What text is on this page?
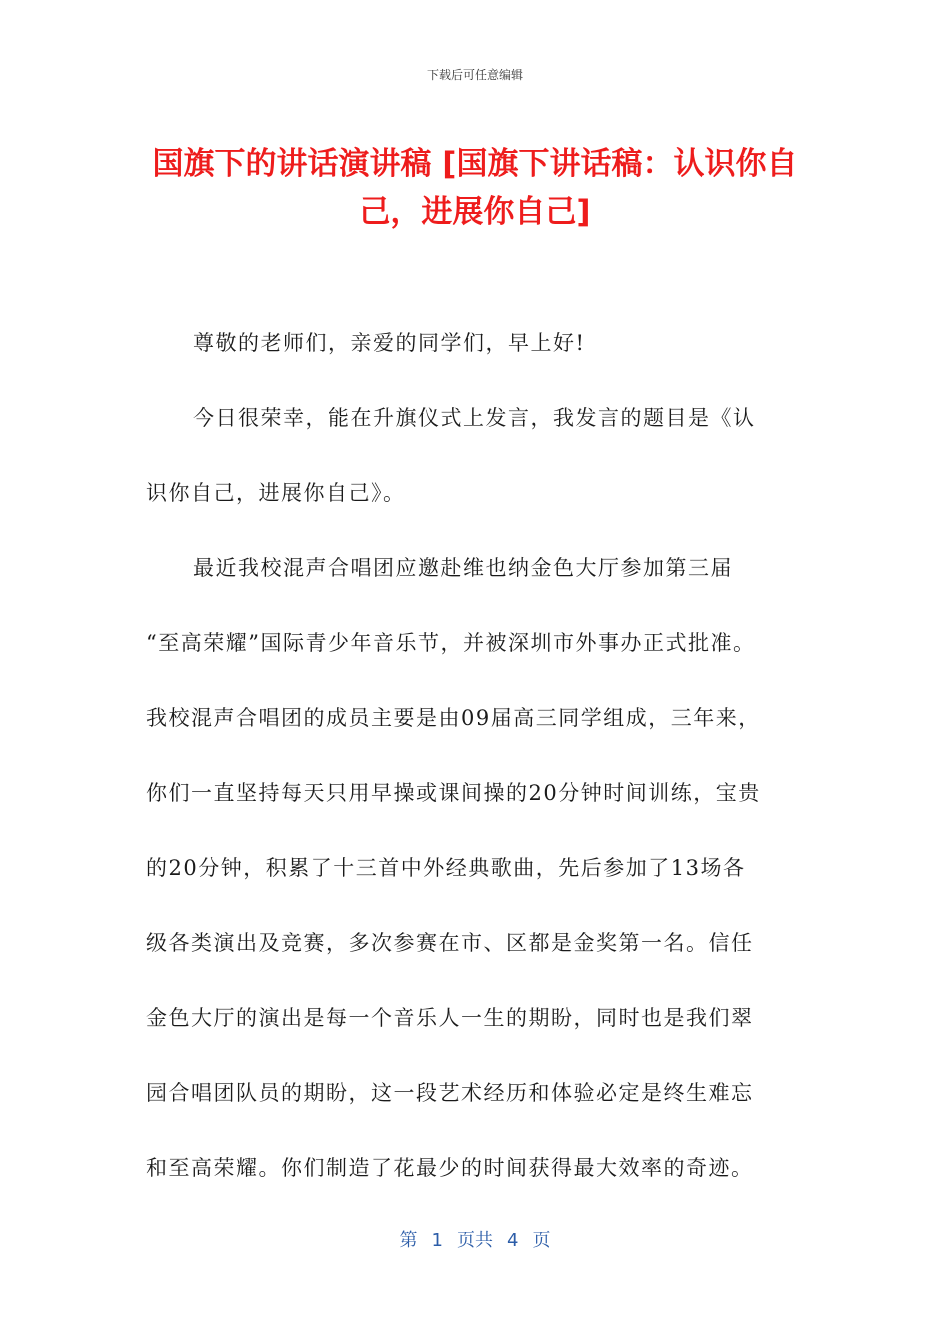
下载后可任意编辑
国旗下的讲话演讲稿 [国旗下讲话稿：认识你自己，进展你自己]
尊敬的老师们，亲爱的同学们，早上好!
今日很荣幸，能在升旗仪式上发言，我发言的题目是《认
识你自己，进展你自己》。
最近我校混声合唱团应邀赴维也纳金色大厅参加第三届
“至高荣耀”国际青少年音乐节，并被深圳市外事办正式批准。
我校混声合唱团的成员主要是由09届高三同学组成，三年来，
你们一直坚持每天只用早操或课间操的20分钟时间训练，宝贵
的20分钟，积累了十三首中外经典歌曲，先后参加了13场各
级各类演出及竞赛，多次参赛在市、区都是金奖第一名。信任
金色大厅的演出是每一个音乐人一生的期盼，同时也是我们翠
园合唱团队员的期盼，这一段艺术经历和体验必定是终生难忘
和至高荣耀。你们制造了花最少的时间获得最大效率的奇迹。
第 1 页共 4 页
